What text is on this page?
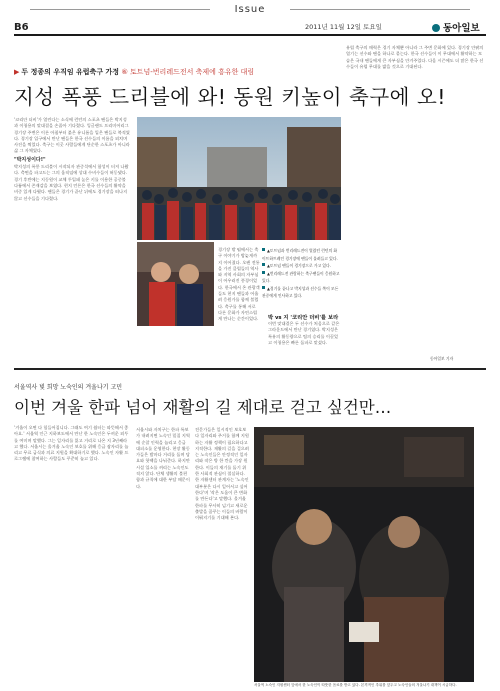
Issue
B6	2011년 11월 12일 토요일	동아일보
▶ 두 정종의 우직임 유럽축구 가정 ⑥ 토트넘-번리레드전서 축제에 흥유한 대림
지성 폭풍 드리블에 와! 동원 키높이 축구에 오!
'코리안 더비'가 열린다는 소식에 런던의 스포츠 팬들은 박지성과 이청용의 맞대결을 손꼽아 기다렸다. 잉글랜드 프리미어리그 경기장 주변은 이른 아침부터 붉은 유니폼을 입은 팬들로 북적였다. 경기장 입구에서 만난 팬들은 한국 선수들의 이름을 외치며 사진을 찍었다. 축구는 이곳 사람들에게 단순한 스포츠가 아니라 삶 그 자체였다.
"박지성이다!"
박지성의 폭풍 드리블이 시작되자 관중석에서 함성이 터져 나왔다. 측면을 파고드는 그의 움직임에 상대 수비수들이 허둥댔다. 경기 후반에는 지동원이 교체 투입돼 높은 키를 이용한 공중볼 다툼에서 존재감을 보였다. 현지 언론은 한국 선수들의 활약을 비중 있게 다뤘다. 팬들은 경기가 끝난 뒤에도 경기장을 떠나지 않고 선수들을 기다렸다.
경기장 밖 펍에서는 축구 이야기가 밤늦게까지 이어졌다. 오랜 전통을 가진 클럽들의 역사와 지역 사회의 자부심이 어우러진 풍경이었다. 한국에서 온 관광객들도 현지 팬들과 어울려 응원가를 함께 불렀다. 축구를 통해 서로 다른 문화가 자연스럽게 만나는 순간이었다.
▲토트넘과 번리레드전이 열렸던 런던의 화이트하트레인 경기장에 팬들이 몰려들고 있다.
▲토트넘 팬들이 경기장으로 가고 있다.
▲번리레드전 관람하는 축구팬들이 응원하고 있다.
▲경기를 끝나고 박지성과 선수들 쪽이 모든 관중에게 인사하고 있다.
박 vs 지 '코리안 더비'를 보라
이번 맞대결은 두 선수가 처음으로 같은 그라운드에서 만난 경기였다. 박지성은 특유의 활동량으로 팀의 승리를 이끌었고 이청용은 빠른 돌파로 맞섰다.
유럽 축구의 매력은 경기 자체뿐 아니라 그 주변 문화에 있다. 경기장 안팎의 열기는 선수와 팬을 하나로 묶는다. 한국 선수들이 이 무대에서 활약하는 모습은 국내 팬들에게 큰 자부심을 안겨주었다. 다음 시즌에도 더 많은 한국 선수들이 유럽 무대를 밟을 것으로 기대된다.
동아일보 기자
서울역사 빛 희망 노숙인의 겨울나기 고민
이번 겨울 한파 넘어 재활의 길 제대로 걷고 싶건만…
'겨울이 오면 다 힘들어집니다. 그래도 여기 쉼터는 따뜻해서 좋아요.' 서울역 인근 지하보도에서 만난 한 노숙인은 두꺼운 외투를 여미며 말했다. 그는 일자리를 잃고 거리로 나온 지 3년째라고 했다. 서울시는 올겨울 노숙인 보호를 위해 응급 잠자리를 늘리고 무료 급식과 의료 지원을 확대하기로 했다. 노숙인 자활 프로그램에 참여하는 사람들도 꾸준히 늘고 있다.
서울시와 자치구는 한파 특보가 내려지면 노숙인 밀집 지역에 순찰 인력을 늘리고 응급 대피소를 운영한다. 현장 활동가들은 밤마다 거리를 돌며 담요와 핫팩을 나눠준다. 하지만 시설 입소를 꺼리는 노숙인도 적지 않다. 단체 생활의 불편함과 규칙에 대한 부담 때문이다.
전문가들은 일시적인 보호보다 일자리와 주거를 함께 지원하는 자활 정책이 필요하다고 지적한다. 재활의 길을 걸으려는 노숙인들은 안정적인 일자리와 작은 방 한 칸을 가장 원한다. 이들의 재기를 돕기 위한 사회적 관심이 절실하다. 한 자활센터 관계자는 '노숙인 대부분은 다시 일어서고 싶어 한다'며 '작은 도움이 큰 변화를 만든다'고 말했다. 올겨울 한파를 무사히 넘기고 새로운 출발을 꿈꾸는 이들의 바람이 이뤄지기를 기대해 본다.
서울역 노숙인 지원센터 앞에서 한 노숙인이 따뜻한 음료를 받고 있다. 본격적인 추위를 앞두고 노숙인들의 겨울나기 대책이 시급하다.
